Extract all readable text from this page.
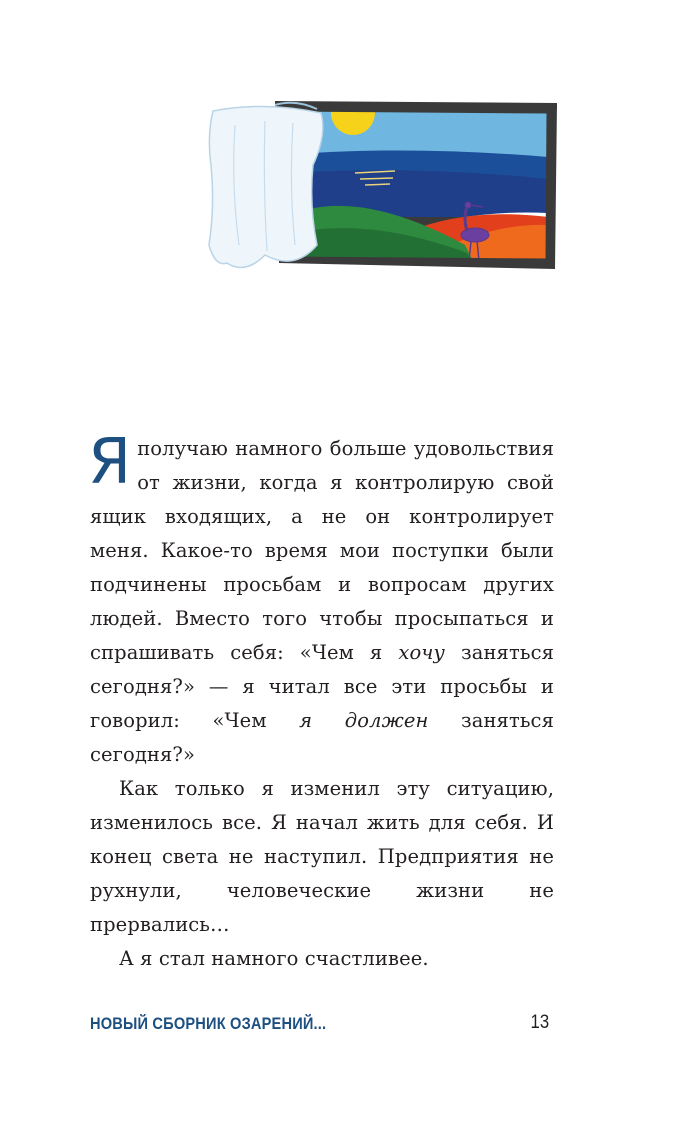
Яполучаю намного больше удовольствия от жизни, когда я контролирую свой ящик входящих, а не он контролирует меня. Какое-то время мои поступки были подчинены просьбам и вопросам других людей. Вместо того чтобы просыпаться и спрашивать себя: «Чем я хочу заняться сегодня?» — я читал все эти просьбы и говорил: «Чем я должен заняться сегодня?»

Как только я изменил эту ситуацию, изменилось все. Я начал жить для себя. И конец света не наступил. Предприятия не рухнули, человеческие жизни не прервались…

А я стал намного счастливее.

НОВЫЙ СБОРНИК ОЗАРЕНИЙ...	13
